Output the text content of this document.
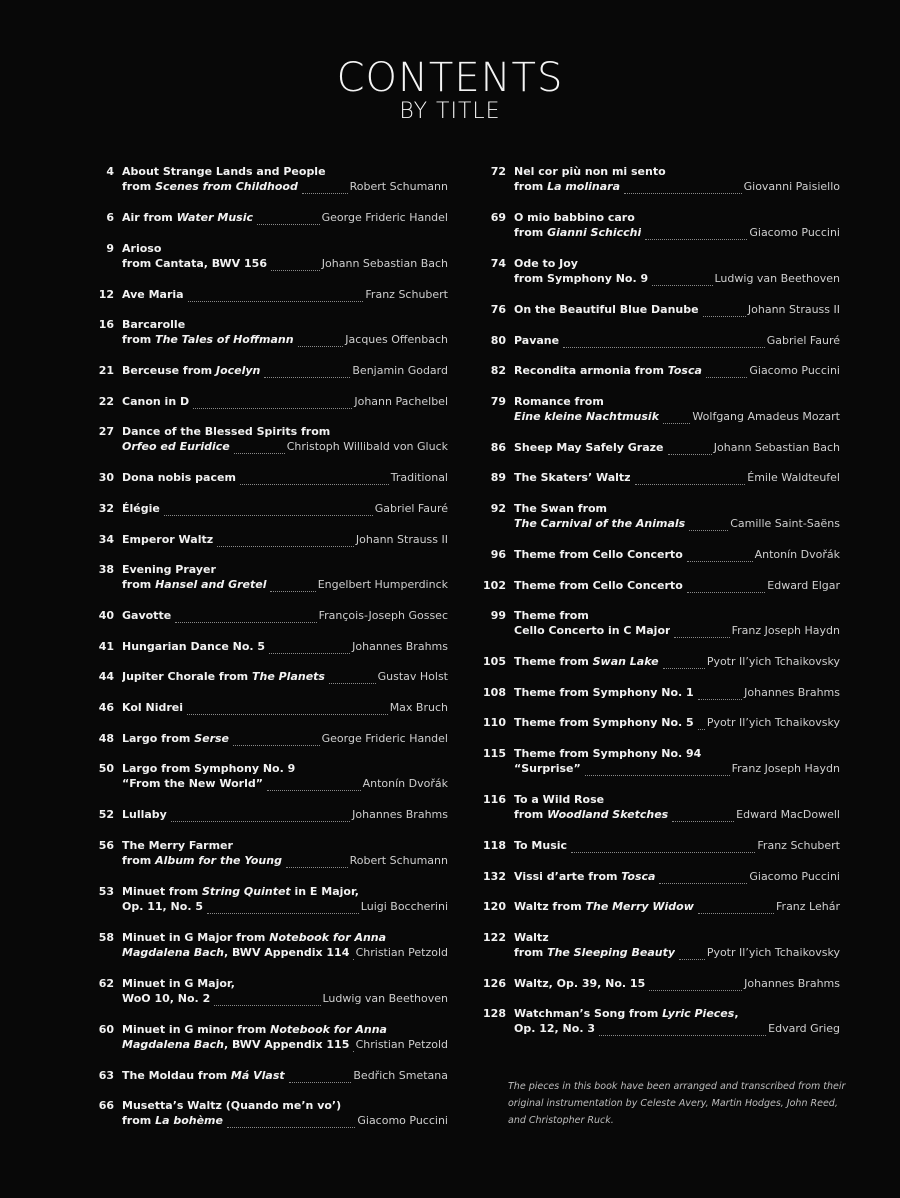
CONTENTS
BY TITLE
4 About Strange Lands and People
from Scenes from Childhood	Robert Schumann
6 Air from Water Music	George Frideric Handel
9 Arioso
from Cantata, BWV 156	Johann Sebastian Bach
12 Ave Maria	Franz Schubert
16 Barcarolle
from The Tales of Hoffmann	Jacques Offenbach
21 Berceuse from Jocelyn	Benjamin Godard
22 Canon in D	Johann Pachelbel
27 Dance of the Blessed Spirits from
Orfeo ed Euridice	Christoph Willibald von Gluck
30 Dona nobis pacem	Traditional
32 Élégie	Gabriel Fauré
34 Emperor Waltz	Johann Strauss II
38 Evening Prayer
from Hansel and Gretel	Engelbert Humperdinck
40 Gavotte	François-Joseph Gossec
41 Hungarian Dance No. 5	Johannes Brahms
44 Jupiter Chorale from The Planets	Gustav Holst
46 Kol Nidrei	Max Bruch
48 Largo from Serse	George Frideric Handel
50 Largo from Symphony No. 9
“From the New World”	Antonín Dvořák
52 Lullaby	Johannes Brahms
56 The Merry Farmer
from Album for the Young	Robert Schumann
53 Minuet from String Quintet in E Major,
Op. 11, No. 5	Luigi Boccherini
58 Minuet in G Major from Notebook for Anna
Magdalena Bach, BWV Appendix 114 Christian Petzold
62 Minuet in G Major,
WoO 10, No. 2	Ludwig van Beethoven
60 Minuet in G minor from Notebook for Anna
Magdalena Bach, BWV Appendix 115 Christian Petzold
63 The Moldau from Má Vlast	Bedřich Smetana
66 Musetta’s Waltz (Quando me’n vo’)
from La bohème	Giacomo Puccini
72 Nel cor più non mi sento
from La molinara	Giovanni Paisiello
69 O mio babbino caro
from Gianni Schicchi	Giacomo Puccini
74 Ode to Joy
from Symphony No. 9	Ludwig van Beethoven
76 On the Beautiful Blue Danube	Johann Strauss II
80 Pavane	Gabriel Fauré
82 Recondita armonia from Tosca	Giacomo Puccini
79 Romance from
Eine kleine Nachtmusik	Wolfgang Amadeus Mozart
86 Sheep May Safely Graze	Johann Sebastian Bach
89 The Skaters’ Waltz	Émile Waldteufel
92 The Swan from
The Carnival of the Animals	Camille Saint-Saëns
96 Theme from Cello Concerto	Antonín Dvořák
102 Theme from Cello Concerto	Edward Elgar
99 Theme from
Cello Concerto in C Major	Franz Joseph Haydn
105 Theme from Swan Lake	Pyotr Il’yich Tchaikovsky
108 Theme from Symphony No. 1	Johannes Brahms
110 Theme from Symphony No. 5 Pyotr Il’yich Tchaikovsky
115 Theme from Symphony No. 94
“Surprise”	Franz Joseph Haydn
116 To a Wild Rose
from Woodland Sketches	Edward MacDowell
118 To Music	Franz Schubert
132 Vissi d’arte from Tosca	Giacomo Puccini
120 Waltz from The Merry Widow	Franz Lehár
122 Waltz
from The Sleeping Beauty	Pyotr Il’yich Tchaikovsky
126 Waltz, Op. 39, No. 15	Johannes Brahms
128 Watchman’s Song from Lyric Pieces,
Op. 12, No. 3	Edvard Grieg
The pieces in this book have been arranged and transcribed from their original instrumentation by Celeste Avery, Martin Hodges, John Reed, and Christopher Ruck.
